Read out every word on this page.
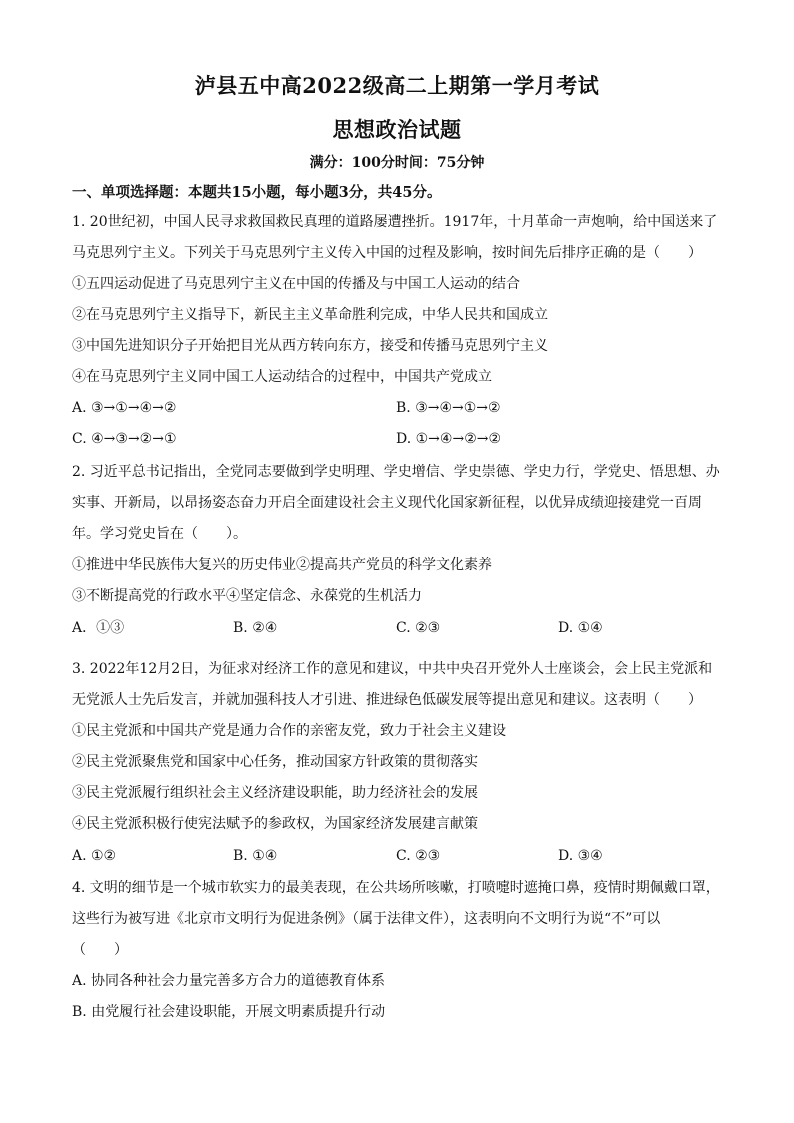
泸县五中高2022级高二上期第一学月考试
思想政治试题
满分：100分时间：75分钟
一、单项选择题：本题共15小题，每小题3分，共45分。
1. 20世纪初，中国人民寻求救国救民真理的道路屡遭挫折。1917年，十月革命一声炮响，给中国送来了
马克思列宁主义。下列关于马克思列宁主义传入中国的过程及影响，按时间先后排序正确的是（　　）
①五四运动促进了马克思列宁主义在中国的传播及与中国工人运动的结合
②在马克思列宁主义指导下，新民主主义革命胜利完成，中华人民共和国成立
③中国先进知识分子开始把目光从西方转向东方，接受和传播马克思列宁主义
④在马克思列宁主义同中国工人运动结合的过程中，中国共产党成立
A. ③→①→④→②	B. ③→④→①→②
C. ④→③→②→①	D. ①→④→②→②
2. 习近平总书记指出，全党同志要做到学史明理、学史增信、学史崇德、学史力行，学党史、悟思想、办
实事、开新局，以昂扬姿态奋力开启全面建设社会主义现代化国家新征程，以优异成绩迎接建党一百周
年。学习党史旨在（　　）。
①推进中华民族伟大复兴的历史伟业②提高共产党员的科学文化素养
③不断提高党的行政水平④坚定信念、永葆党的生机活力
A．①③	B. ②④	C. ②③	D. ①④
3. 2022年12月2日，为征求对经济工作的意见和建议，中共中央召开党外人士座谈会，会上民主党派和
无党派人士先后发言，并就加强科技人才引进、推进绿色低碳发展等提出意见和建议。这表明（　　）
①民主党派和中国共产党是通力合作的亲密友党，致力于社会主义建设
②民主党派聚焦党和国家中心任务，推动国家方针政策的贯彻落实
③民主党派履行组织社会主义经济建设职能，助力经济社会的发展
④民主党派积极行使宪法赋予的参政权，为国家经济发展建言献策
A. ①②	B. ①④	C. ②③	D. ③④
4. 文明的细节是一个城市软实力的最美表现，在公共场所咳嗽，打喷嚏时遮掩口鼻，疫情时期佩戴口罩，
这些行为被写进《北京市文明行为促进条例》（属于法律文件），这表明向不文明行为说“不”可以
（　　）
A. 协同各种社会力量完善多方合力的道德教育体系
B. 由党履行社会建设职能，开展文明素质提升行动
